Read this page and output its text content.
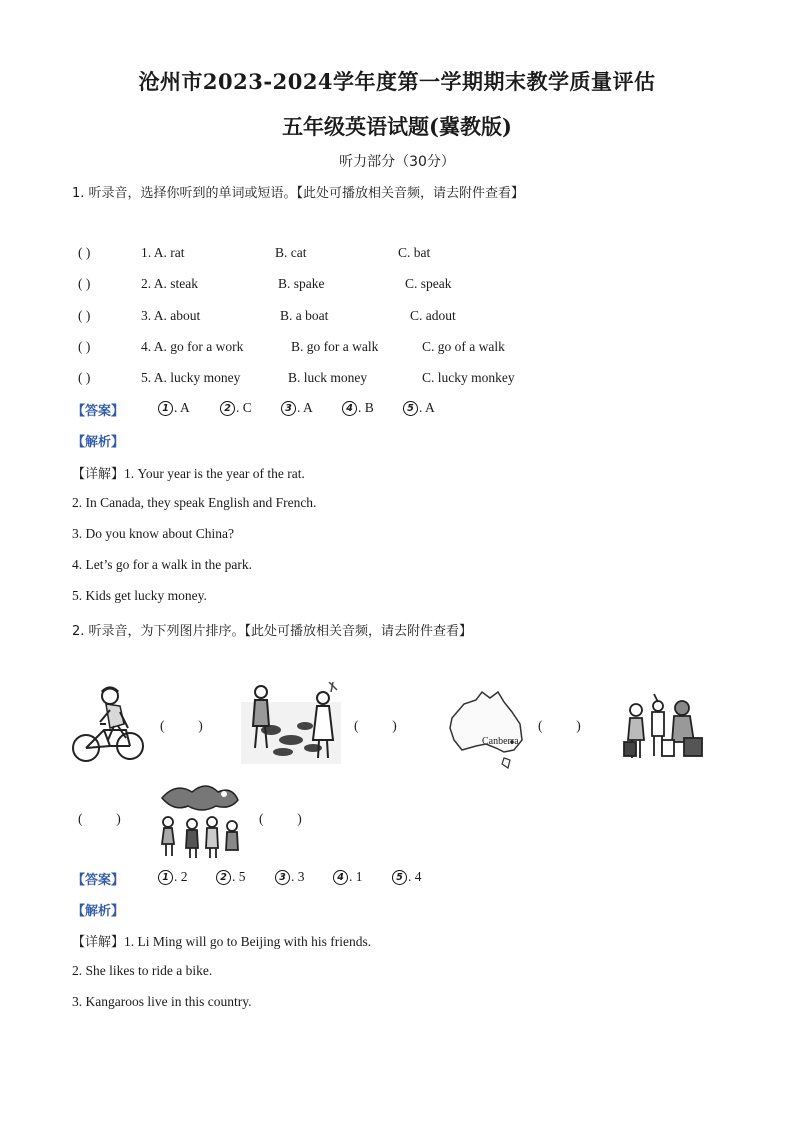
沧州市2023-2024学年度第一学期期末教学质量评估
五年级英语试题(冀教版)
听力部分（30分）
1. 听录音，选择你听到的单词或短语。【此处可播放相关音频，请去附件查看】
( )	1. A. rat	B. cat	C. bat
( )	2. A. steak	B. spake	C. speak
( )	3. A. about	B. a boat	C. adout
( )	4. A. go for a work	B. go for a walk	C. go of a walk
( )	5. A. lucky money	B. luck money	C. lucky monkey
【答案】	1 . A	2 . C	3 . A	4 . B	5 . A
【解析】
【详解】1. Your year is the year of the rat.
2. In Canada, they speak English and French.
3. Do you know about China?
4. Let’s go for a walk in the park.
5. Kids get lucky money.
2. 听录音，为下列图片排序。【此处可播放相关音频，请去附件查看】
(          )	(          )
Canberra
(          )
(          )	(          )
【答案】	1 . 2	2 . 5	3 . 3	4 . 1	5 . 4
【解析】
【详解】1. Li Ming will go to Beijing with his friends.
2. She likes to ride a bike.
3. Kangaroos live in this country.
